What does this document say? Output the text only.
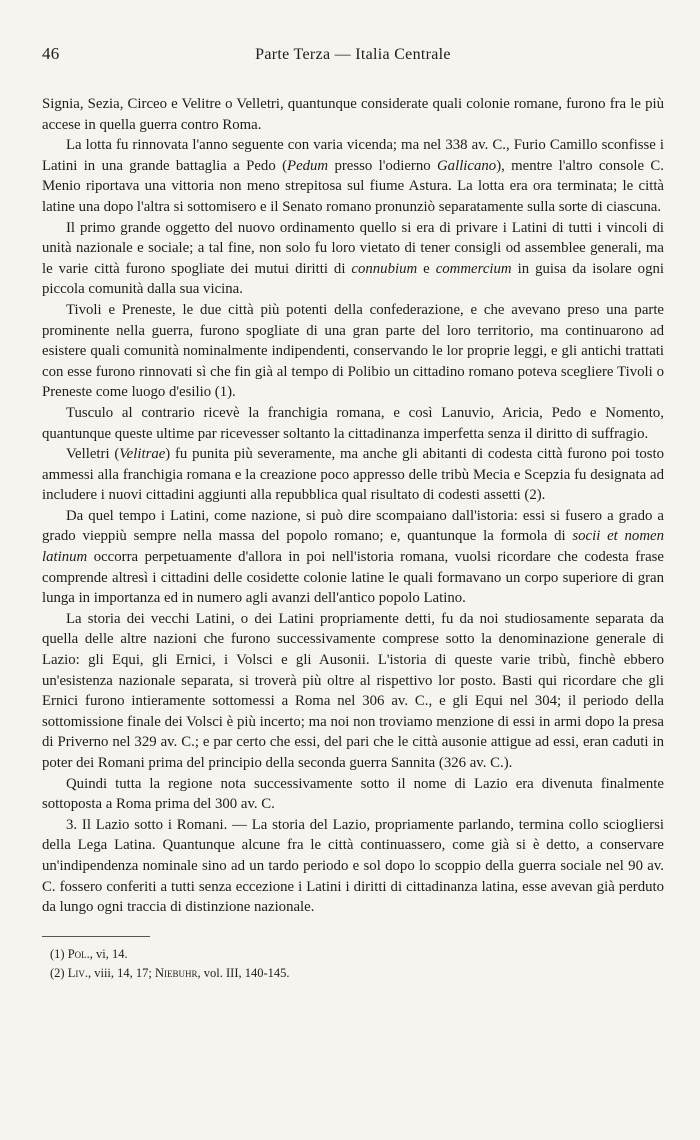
46	Parte Terza — Italia Centrale

Signia, Sezia, Circeo e Velitre o Velletri, quantunque considerate quali colonie romane, furono fra le più accese in quella guerra contro Roma.

La lotta fu rinnovata l'anno seguente con varia vicenda; ma nel 338 av. C., Furio Camillo sconfisse i Latini in una grande battaglia a Pedo (Pedum presso l'odierno Gallicano), mentre l'altro console C. Menio riportava una vittoria non meno strepitosa sul fiume Astura. La lotta era ora terminata; le città latine una dopo l'altra si sottomisero e il Senato romano pronunziò separatamente sulla sorte di ciascuna.

Il primo grande oggetto del nuovo ordinamento quello si era di privare i Latini di tutti i vincoli di unità nazionale e sociale; a tal fine, non solo fu loro vietato di tener consigli od assemblee generali, ma le varie città furono spogliate dei mutui diritti di connubium e commercium in guisa da isolare ogni piccola comunità dalla sua vicina.

Tivoli e Preneste, le due città più potenti della confederazione, e che avevano preso una parte prominente nella guerra, furono spogliate di una gran parte del loro territorio, ma continuarono ad esistere quali comunità nominalmente indipendenti, conservando le lor proprie leggi, e gli antichi trattati con esse furono rinnovati sì che fin già al tempo di Polibio un cittadino romano poteva scegliere Tivoli o Preneste come luogo d'esilio (1).

Tusculo al contrario ricevè la franchigia romana, e così Lanuvio, Aricia, Pedo e Nomento, quantunque queste ultime par ricevesser soltanto la cittadinanza imperfetta senza il diritto di suffragio.

Velletri (Velitrae) fu punita più severamente, ma anche gli abitanti di codesta città furono poi tosto ammessi alla franchigia romana e la creazione poco appresso delle tribù Mecia e Scepzia fu designata ad includere i nuovi cittadini aggiunti alla repubblica qual risultato di codesti assetti (2).

Da quel tempo i Latini, come nazione, si può dire scompaiano dall'istoria: essi si fusero a grado a grado vieppiù sempre nella massa del popolo romano; e, quantunque la formola di socii et nomen latinum occorra perpetuamente d'allora in poi nell'istoria romana, vuolsi ricordare che codesta frase comprende altresì i cittadini delle cosidette colonie latine le quali formavano un corpo superiore di gran lunga in importanza ed in numero agli avanzi dell'antico popolo Latino.

La storia dei vecchi Latini, o dei Latini propriamente detti, fu da noi studiosamente separata da quella delle altre nazioni che furono successivamente comprese sotto la denominazione generale di Lazio: gli Equi, gli Ernici, i Volsci e gli Ausonii. L'istoria di queste varie tribù, finchè ebbero un'esistenza nazionale separata, si troverà più oltre al rispettivo lor posto. Basti qui ricordare che gli Ernici furono intieramente sottomessi a Roma nel 306 av. C., e gli Equi nel 304; il periodo della sottomissione finale dei Volsci è più incerto; ma noi non troviamo menzione di essi in armi dopo la presa di Priverno nel 329 av. C.; e par certo che essi, del pari che le città ausonie attigue ad essi, eran caduti in poter dei Romani prima del principio della seconda guerra Sannita (326 av. C.).

Quindi tutta la regione nota successivamente sotto il nome di Lazio era divenuta finalmente sottoposta a Roma prima del 300 av. C.

3. Il Lazio sotto i Romani. — La storia del Lazio, propriamente parlando, termina collo sciogliersi della Lega Latina. Quantunque alcune fra le città continuassero, come già si è detto, a conservare un'indipendenza nominale sino ad un tardo periodo e sol dopo lo scoppio della guerra sociale nel 90 av. C. fossero conferiti a tutti senza eccezione i Latini i diritti di cittadinanza latina, esse avevan già perduto da lungo ogni traccia di distinzione nazionale.

(1) Pol., vi, 14.
(2) Liv., viii, 14, 17; Niebuhr, vol. III, 140-145.
